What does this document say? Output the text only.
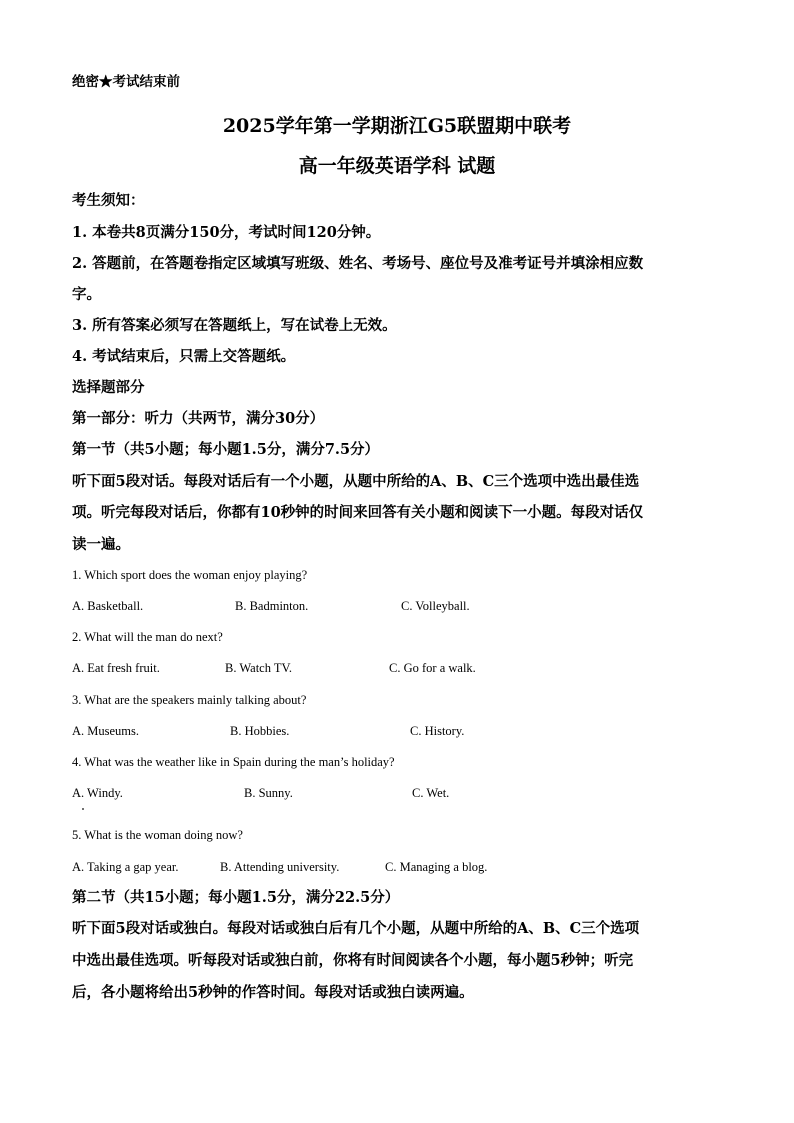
绝密★考试结束前
2025学年第一学期浙江G5联盟期中联考
高一年级英语学科 试题
考生须知：
1. 本卷共8页满分150分，考试时间120分钟。
2. 答题前，在答题卷指定区域填写班级、姓名、考场号、座位号及准考证号并填涂相应数
字。
3. 所有答案必须写在答题纸上，写在试卷上无效。
4. 考试结束后，只需上交答题纸。
选择题部分
第一部分：听力（共两节，满分30分）
第一节（共5小题；每小题1.5分，满分7.5分）
听下面5段对话。每段对话后有一个小题，从题中所给的A、B、C三个选项中选出最佳选
项。听完每段对话后，你都有10秒钟的时间来回答有关小题和阅读下一小题。每段对话仅
读一遍。
1. Which sport does the woman enjoy playing?
A. Basketball.	B. Badminton.	C. Volleyball.
2. What will the man do next?
A. Eat fresh fruit.	B. Watch TV.	C. Go for a walk.
3. What are the speakers mainly talking about?
A. Museums.	B. Hobbies.	C. History.
4. What was the weather like in Spain during the man’s holiday?
A. Windy.	B. Sunny.	C. Wet.
5. What is the woman doing now?
A. Taking a gap year.	B. Attending university.	C. Managing a blog.
第二节（共15小题；每小题1.5分，满分22.5分）
听下面5段对话或独白。每段对话或独白后有几个小题，从题中所给的A、B、C三个选项
中选出最佳选项。听每段对话或独白前，你将有时间阅读各个小题，每小题5秒钟；听完
后，各小题将给出5秒钟的作答时间。每段对话或独白读两遍。
